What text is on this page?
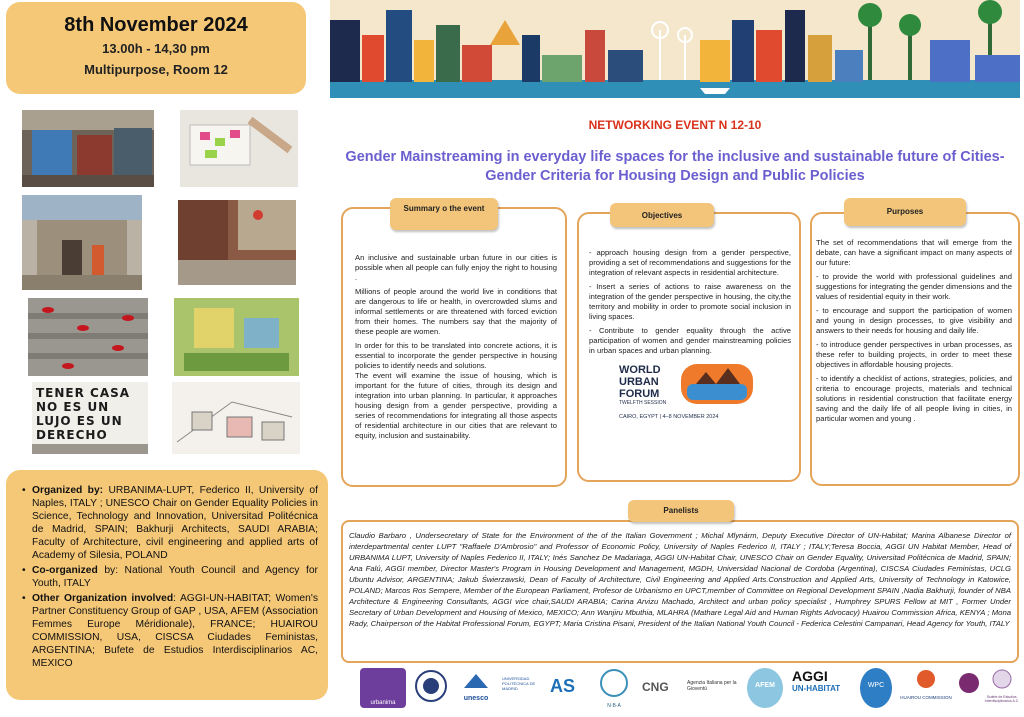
8th November 2024
13.00h - 14,30 pm
Multipurpose, Room 12
TENER CASA NO ES UN LUJO ES UN DERECHO
NETWORKING EVENT N 12-10
Gender Mainstreaming in everyday life spaces for the inclusive and sustainable future of Cities- Gender Criteria for Housing Design and Public Policies

An inclusive and sustainable urban future in our cities is possible when all people can fully enjoy the right to housing .

Millions of people around the world live in conditions that are dangerous to life or health, in overcrowded slums and informal settlements or are threatened with forced eviction from their homes. The numbers say that the majority of these people are women.

In order for this to be translated into concrete actions, it is essential to incorporate the gender perspective in housing policies to identify needs and solutions.

The event will examine the issue of housing, which is important for the future of cities, through its design and integration into urban planning. In particular, it approaches housing design from a gender perspective, providing a series of recommendations for integrating all those aspects of residential architecture in our cities that are relevant to equity, inclusion and sustainability.

Summary o the event

- approach housing design from a gender perspective, providing a set of recommendations and suggestions for the integration of relevant aspects in residential architecture.

- Insert a series of actions to raise awareness on the integration of the gender perspective in housing, the city,the territory and mobility in order to promote social inclusion in living spaces.

- Contribute to gender equality through the active participation of women and gender mainstreaming policies in urban spaces and urban planning.

WORLD
URBAN
FORUM
TWELFTH SESSION
CAIRO, EGYPT | 4–8 NOVEMBER 2024
Objectives

The set of recommendations that will emerge from the debate, can have a significant impact on many aspects of our future:

- to provide the world with professional guidelines and suggestions for integrating the gender dimensions and the values of residential equity in their work.

- to encourage and support the participation of women and young in design processes, to give visibility and answers to their needs for housing and daily life.

- to introduce gender perspectives in urban processes, as these refer to building projects, in order to meet these objectives in affordable housing projects.

- to identify a checklist of actions, strategies, policies, and criteria to encourage projects, materials and technical solutions in residential construction that facilitate energy saving and the daily life of all people living in cities, in particular women and young .

Purposes
Claudio Barbaro , Undersecretary of State for the Environment of the of the Italian Government ; Michal Mlynárm, Deputy Executive Director of UN-Habitat; Marina Albanese Director of interdepartmental center LUPT "Raffaele D'Ambrosio" and Professor of Economic Policy, University of Naples Federico II, ITALY ; ITALY;Teresa Boccia, AGGI UN Habitat Member, Head of URBANIMA LUPT, University of Naples Federico II, ITALY; Inés Sanchez De Madariaga, AGGI UN-Habitat Chair, UNESCO Chair on Gender Equality, Universitad Politécnica de Madrid, SPAIN; Ana Falú, AGGI member, Director Master's Program in Housing Development and Management, MGDH, Universidad Nacional de Cordoba (Argentina), CISCSA Ciudades Feministas, UCLG Ubuntu Advisor, ARGENTINA; Jakub Świerzawski, Dean of Faculty of Architecture, Civil Engineering and Applied Arts.Construction and Applied Arts, University of Technology in Katowice, POLAND; Marcos Ros Sempere, Member of the European Parliament, Profesor de Urbanismo en UPCT,member of Committee on Regional Development SPAIN ,Nadia Bakhurji, founder of NBA Architecture & Engineering Consultants, AGGI vice chair,SAUDI ARABIA; Carina Arvizu Machado, Architect and urban policy specialist , Humphrey SPURS Fellow at MIT , Former Under Secretary of Urban Development and Housing of Mexico, MEXICO; Ann Wanjiru Mbuthia, MLAHRA (Mathare Legal Aid and Human Rights Advocacy) Huairou Commission Africa, KENYA ; Mona Rady, Chairperson of the Habitat Professional Forum, EGYPT; Maria Cristina Pisani, President of the Italian National Youth Council - Federica Celestini Campanari, Head Agency for Youth, ITALY
Panelists
• Organized by: URBANIMA-LUPT, Federico II, University of Naples, ITALY ; UNESCO Chair on Gender Equality Policies in Science, Technology and Innovation, Universitad Politécnica de Madrid, SPAIN; Bakhurji Architects, SAUDI ARABIA; Faculty of Architecture, civil engineering and applied arts of Academy of Silesia, POLAND
• Co-organized by: National Youth Council and Agency for Youth, ITALY
• Other Organization involved: AGGI-UN-HABITAT; Women's Partner Constituency Group of GAP , USA, AFEM (Association Femmes Europe Méridionale), FRANCE; HUAIROU COMMISSION, USA, CISCSA Ciudades Feministas, ARGENTINA; Bufete de Estudios Interdisciplinarios AC, MEXICO
urbanima
unesco
UNIVERSIDAD POLITÉCNICA DE MADRID	AS
N·B·A
CNG	Agenzia Italiana per la Gioventù	AFEM
AGGI
UN-HABITAT	WPC
HUAIROU COMMISSION	Bufete de Estudios Interdisciplinarios A.C.
